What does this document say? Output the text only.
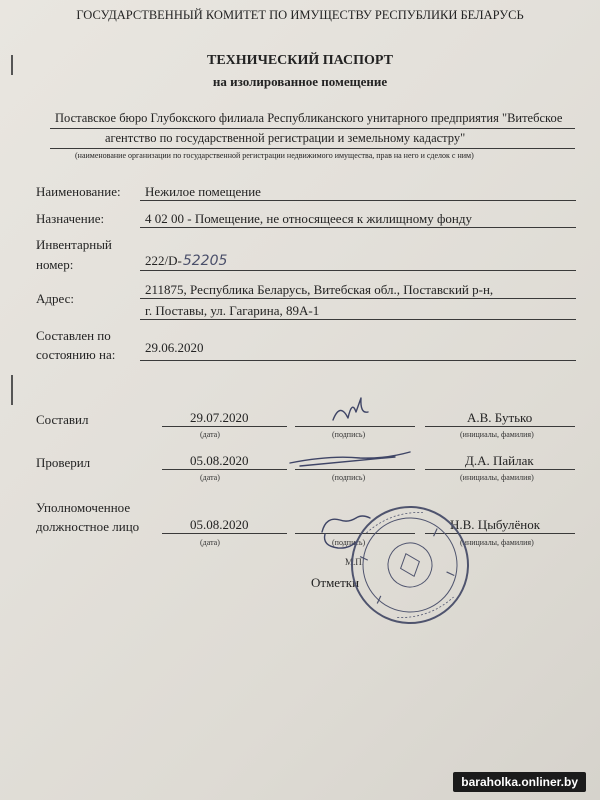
ГОСУДАРСТВЕННЫЙ КОМИТЕТ ПО ИМУЩЕСТВУ РЕСПУБЛИКИ БЕЛАРУСЬ
ТЕХНИЧЕСКИЙ ПАСПОРТ
на изолированное помещение
Поставское бюро Глубокского филиала Республиканского унитарного предприятия "Витебское
агентство по государственной регистрации и земельному кадастру"
(наименование организации по государственной регистрации недвижимого имущества, прав на него и сделок с ним)
Наименование: Нежилое помещение
Назначение:	4 02 00 - Помещение, не относящееся к жилищному фонду
Инвентарный
номер:	222/D-52205
Адрес:
211875, Республика Беларусь, Витебская обл., Поставский р-н,
г. Поставы, ул. Гагарина, 89А-1
Составлен по
состоянию на: 29.06.2020
Составил	29.07.2020	А.В. Бутько
(дата)	(подпись)	(инициалы, фамилия)
Проверил	05.08.2020	Д.А. Пайлак
(дата)	(подпись)	(инициалы, фамилия)
Уполномоченное
должностное лицо	05.08.2020	Н.В. Цыбулёнок
(дата)	(подпись)	(инициалы, фамилия)
М.П.
Отметки
baraholka.onliner.by
